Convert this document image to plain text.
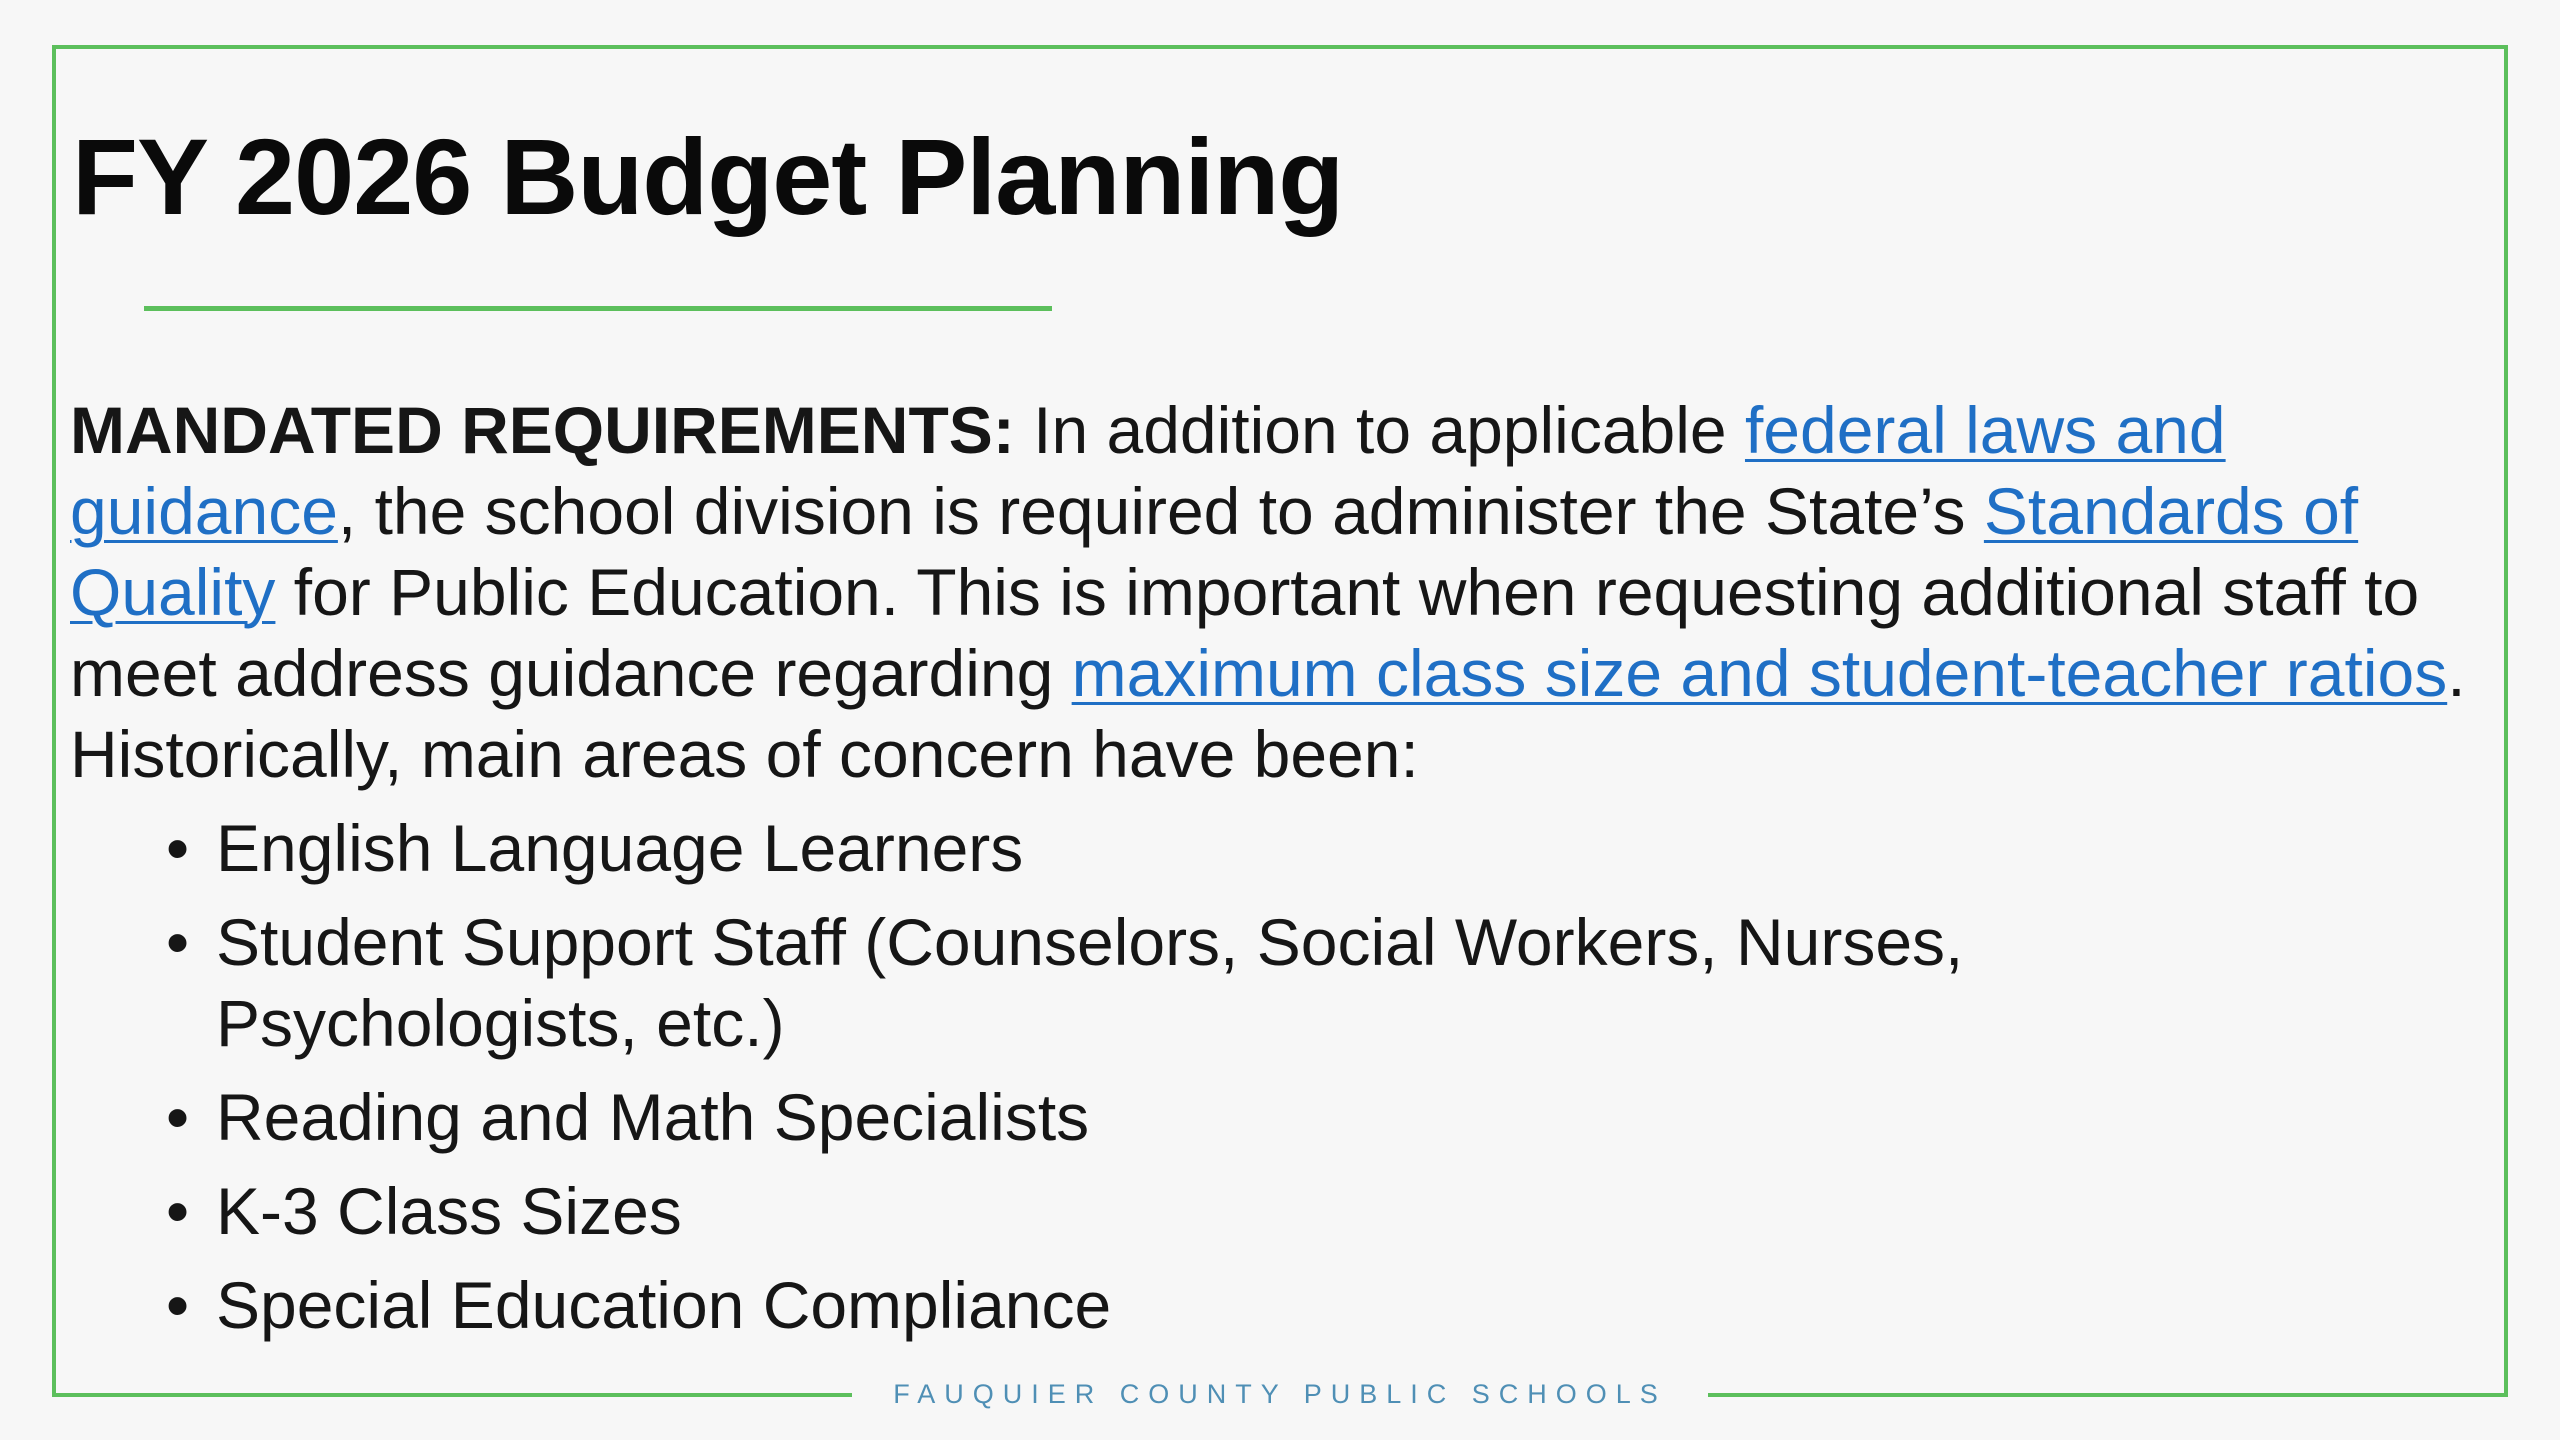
FY 2026 Budget Planning

MANDATED REQUIREMENTS: In addition to applicable federal laws and guidance, the school division is required to administer the State’s Standards of Quality for Public Education. This is important when requesting additional staff to meet address guidance regarding maximum class size and student-teacher ratios. Historically, main areas of concern have been:

• English Language Learners
• Student Support Staff (Counselors, Social Workers, Nurses, Psychologists, etc.)
• Reading and Math Specialists
• K-3 Class Sizes
• Special Education Compliance
FAUQUIER COUNTY PUBLIC SCHOOLS
